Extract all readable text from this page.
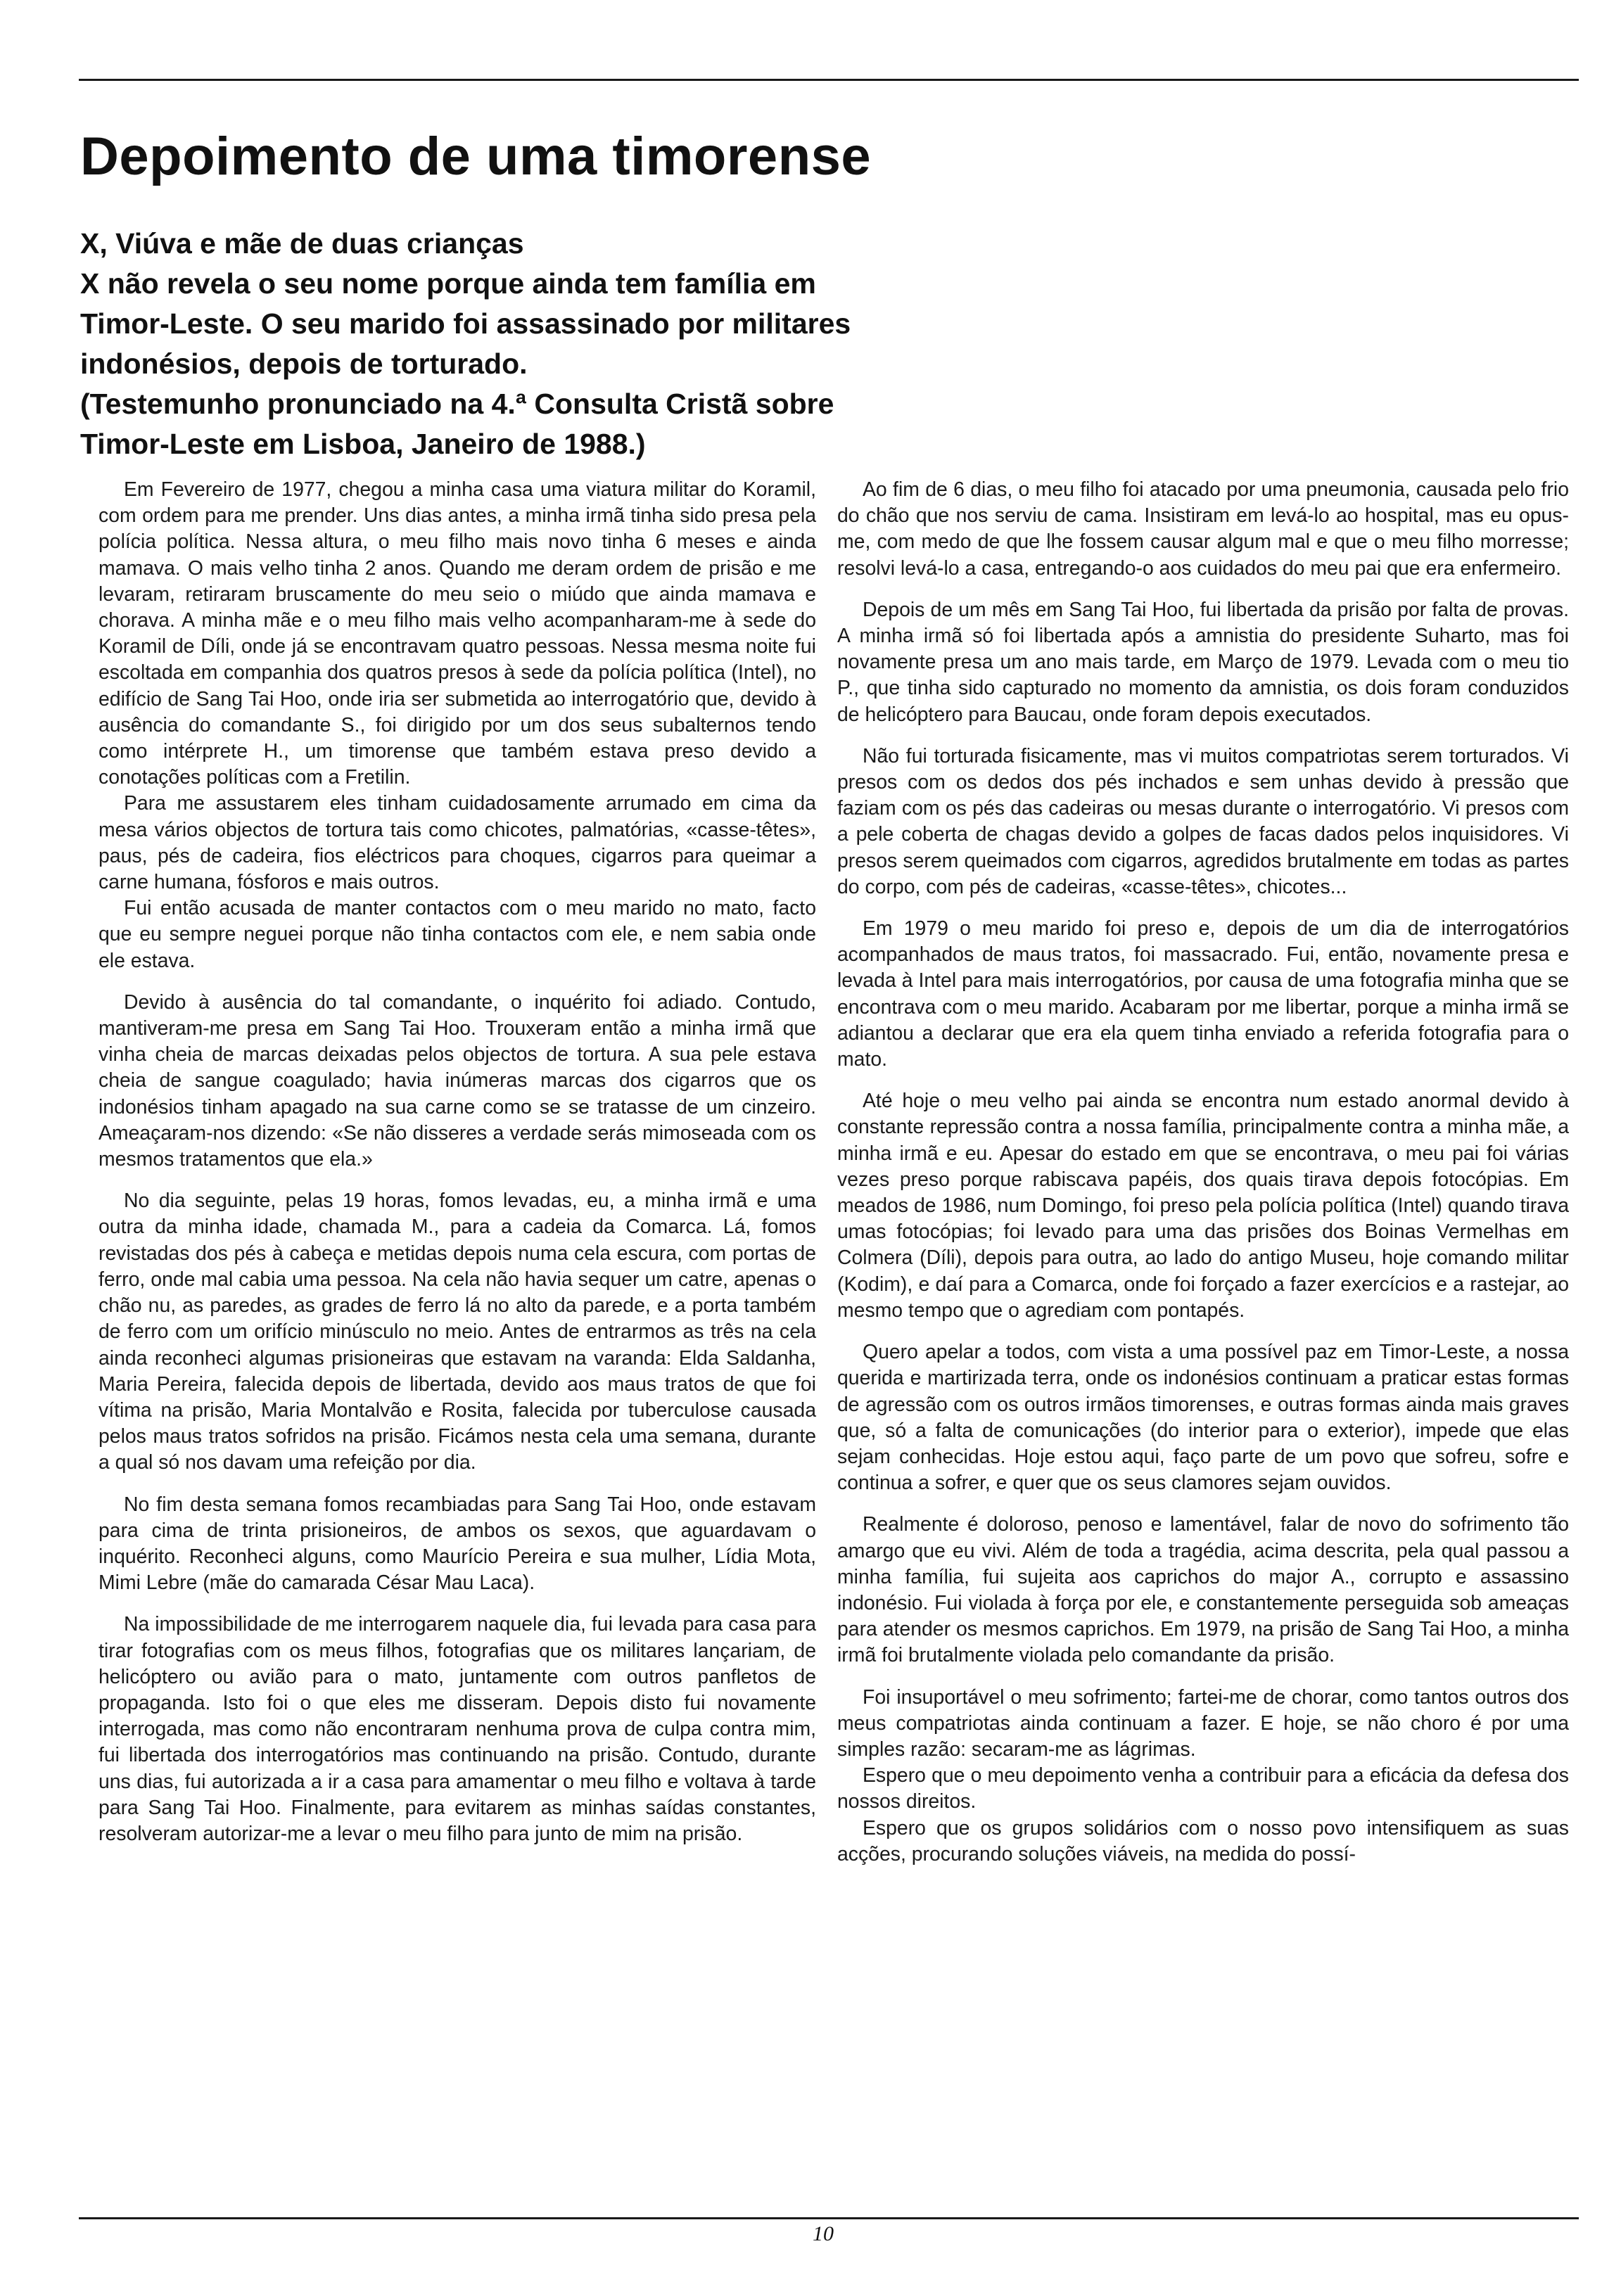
Depoimento de uma timorense
X, Viúva e mãe de duas crianças
X não revela o seu nome porque ainda tem família em
Timor-Leste. O seu marido foi assassinado por militares
indonésios, depois de torturado.
(Testemunho pronunciado na 4.ª Consulta Cristã sobre
Timor-Leste em Lisboa, Janeiro de 1988.)

Em Fevereiro de 1977, chegou a minha casa uma viatura militar do Koramil, com ordem para me prender. Uns dias antes, a minha irmã tinha sido presa pela polícia política. Nessa altura, o meu filho mais novo tinha 6 meses e ainda mamava. O mais velho tinha 2 anos. Quando me deram ordem de prisão e me levaram, retiraram bruscamente do meu seio o miúdo que ainda mamava e chorava. A minha mãe e o meu filho mais velho acompanharam-me à sede do Koramil de Díli, onde já se encontravam quatro pessoas. Nessa mesma noite fui escoltada em companhia dos quatros presos à sede da polícia política (Intel), no edifício de Sang Tai Hoo, onde iria ser submetida ao interrogatório que, devido à ausência do comandante S., foi dirigido por um dos seus subalternos tendo como intérprete H., um timorense que também estava preso devido a conotações políticas com a Fretilin.

Para me assustarem eles tinham cuidadosamente arrumado em cima da mesa vários objectos de tortura tais como chicotes, palmatórias, «casse-têtes», paus, pés de cadeira, fios eléctricos para choques, cigarros para queimar a carne humana, fósforos e mais outros.

Fui então acusada de manter contactos com o meu marido no mato, facto que eu sempre neguei porque não tinha contactos com ele, e nem sabia onde ele estava.

Devido à ausência do tal comandante, o inquérito foi adiado. Contudo, mantiveram-me presa em Sang Tai Hoo. Trouxeram então a minha irmã que vinha cheia de marcas deixadas pelos objectos de tortura. A sua pele estava cheia de sangue coagulado; havia inúmeras marcas dos cigarros que os indonésios tinham apagado na sua carne como se se tratasse de um cinzeiro. Ameaçaram-nos dizendo: «Se não disseres a verdade serás mimoseada com os mesmos tratamentos que ela.»

No dia seguinte, pelas 19 horas, fomos levadas, eu, a minha irmã e uma outra da minha idade, chamada M., para a cadeia da Comarca. Lá, fomos revistadas dos pés à cabeça e metidas depois numa cela escura, com portas de ferro, onde mal cabia uma pessoa. Na cela não havia sequer um catre, apenas o chão nu, as paredes, as grades de ferro lá no alto da parede, e a porta também de ferro com um orifício minúsculo no meio. Antes de entrarmos as três na cela ainda reconheci algumas prisioneiras que estavam na varanda: Elda Saldanha, Maria Pereira, falecida depois de libertada, devido aos maus tratos de que foi vítima na prisão, Maria Montalvão e Rosita, falecida por tuberculose causada pelos maus tratos sofridos na prisão. Ficámos nesta cela uma semana, durante a qual só nos davam uma refeição por dia.

No fim desta semana fomos recambiadas para Sang Tai Hoo, onde estavam para cima de trinta prisioneiros, de ambos os sexos, que aguardavam o inquérito. Reconheci alguns, como Maurício Pereira e sua mulher, Lídia Mota, Mimi Lebre (mãe do camarada César Mau Laca).

Na impossibilidade de me interrogarem naquele dia, fui levada para casa para tirar fotografias com os meus filhos, fotografias que os militares lançariam, de helicóptero ou avião para o mato, juntamente com outros panfletos de propaganda. Isto foi o que eles me disseram. Depois disto fui novamente interrogada, mas como não encontraram nenhuma prova de culpa contra mim, fui libertada dos interrogatórios mas continuando na prisão. Contudo, durante uns dias, fui autorizada a ir a casa para amamentar o meu filho e voltava à tarde para Sang Tai Hoo. Finalmente, para evitarem as minhas saídas constantes, resolveram autorizar-me a levar o meu filho para junto de mim na prisão.

Ao fim de 6 dias, o meu filho foi atacado por uma pneumonia, causada pelo frio do chão que nos serviu de cama. Insistiram em levá-lo ao hospital, mas eu opus-me, com medo de que lhe fossem causar algum mal e que o meu filho morresse; resolvi levá-lo a casa, entregando-o aos cuidados do meu pai que era enfermeiro.

Depois de um mês em Sang Tai Hoo, fui libertada da prisão por falta de provas. A minha irmã só foi libertada após a amnistia do presidente Suharto, mas foi novamente presa um ano mais tarde, em Março de 1979. Levada com o meu tio P., que tinha sido capturado no momento da amnistia, os dois foram conduzidos de helicóptero para Baucau, onde foram depois executados.

Não fui torturada fisicamente, mas vi muitos compatriotas serem torturados. Vi presos com os dedos dos pés inchados e sem unhas devido à pressão que faziam com os pés das cadeiras ou mesas durante o interrogatório. Vi presos com a pele coberta de chagas devido a golpes de facas dados pelos inquisidores. Vi presos serem queimados com cigarros, agredidos brutalmente em todas as partes do corpo, com pés de cadeiras, «casse-têtes», chicotes...

Em 1979 o meu marido foi preso e, depois de um dia de interrogatórios acompanhados de maus tratos, foi massacrado. Fui, então, novamente presa e levada à Intel para mais interrogatórios, por causa de uma fotografia minha que se encontrava com o meu marido. Acabaram por me libertar, porque a minha irmã se adiantou a declarar que era ela quem tinha enviado a referida fotografia para o mato.

Até hoje o meu velho pai ainda se encontra num estado anormal devido à constante repressão contra a nossa família, principalmente contra a minha mãe, a minha irmã e eu. Apesar do estado em que se encontrava, o meu pai foi várias vezes preso porque rabiscava papéis, dos quais tirava depois fotocópias. Em meados de 1986, num Domingo, foi preso pela polícia política (Intel) quando tirava umas fotocópias; foi levado para uma das prisões dos Boinas Vermelhas em Colmera (Díli), depois para outra, ao lado do antigo Museu, hoje comando militar (Kodim), e daí para a Comarca, onde foi forçado a fazer exercícios e a rastejar, ao mesmo tempo que o agrediam com pontapés.

Quero apelar a todos, com vista a uma possível paz em Timor-Leste, a nossa querida e martirizada terra, onde os indonésios continuam a praticar estas formas de agressão com os outros irmãos timorenses, e outras formas ainda mais graves que, só a falta de comunicações (do interior para o exterior), impede que elas sejam conhecidas. Hoje estou aqui, faço parte de um povo que sofreu, sofre e continua a sofrer, e quer que os seus clamores sejam ouvidos.

Realmente é doloroso, penoso e lamentável, falar de novo do sofrimento tão amargo que eu vivi. Além de toda a tragédia, acima descrita, pela qual passou a minha família, fui sujeita aos caprichos do major A., corrupto e assassino indonésio. Fui violada à força por ele, e constantemente perseguida sob ameaças para atender os mesmos caprichos. Em 1979, na prisão de Sang Tai Hoo, a minha irmã foi brutalmente violada pelo comandante da prisão.

Foi insuportável o meu sofrimento; fartei-me de chorar, como tantos outros dos meus compatriotas ainda continuam a fazer. E hoje, se não choro é por uma simples razão: secaram-me as lágrimas.

Espero que o meu depoimento venha a contribuir para a eficácia da defesa dos nossos direitos.

Espero que os grupos solidários com o nosso povo intensifiquem as suas acções, procurando soluções viáveis, na medida do possí-

10
